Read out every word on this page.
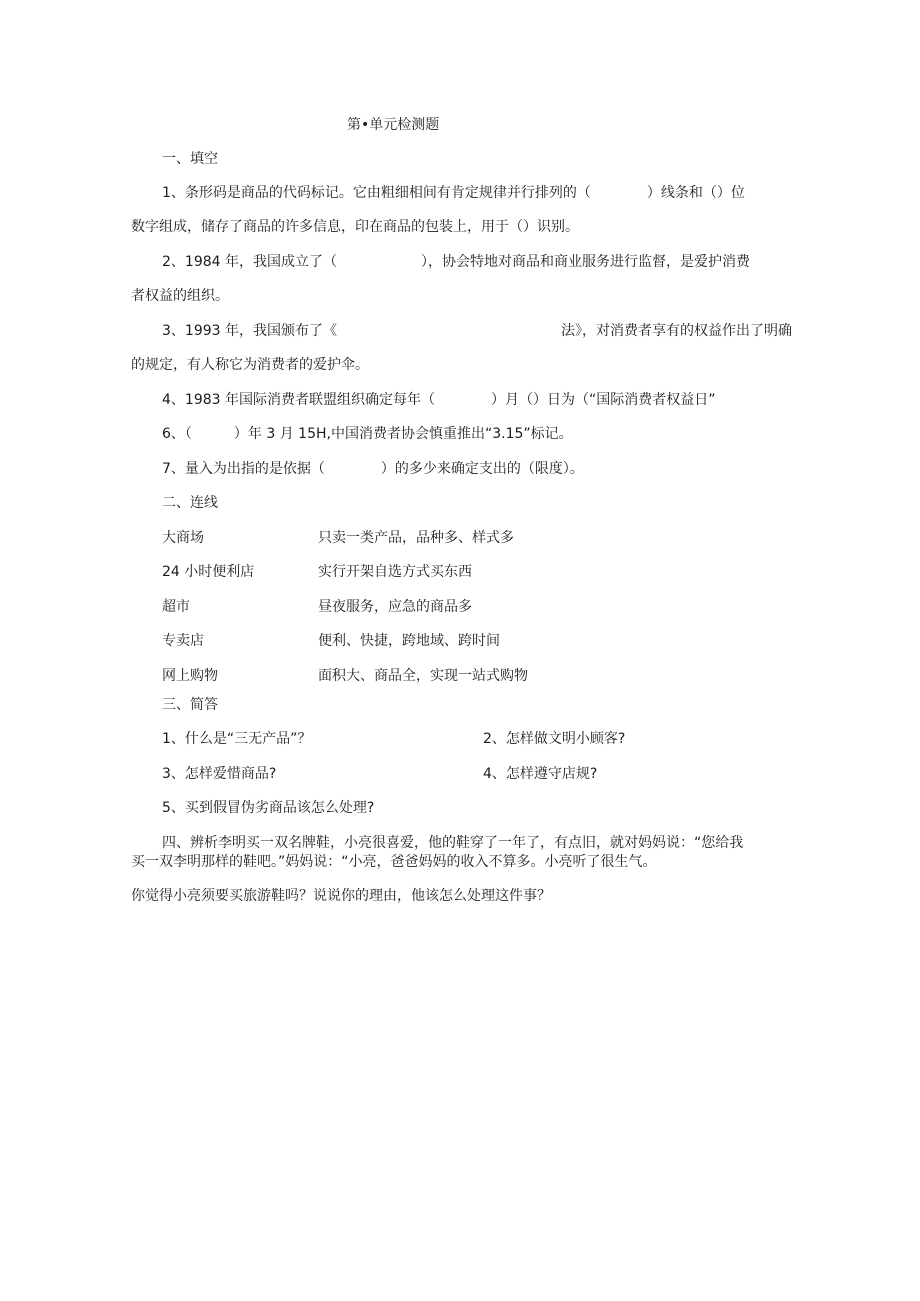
第•单元检测题
一、填空
1、条形码是商品的代码标记。它由粗细相间有肯定规律并行排列的（　　　　）线条和（）位
数字组成，储存了商品的许多信息，印在商品的包装上，用于（）识别。
2、1984 年，我国成立了（　　　　　　），协会特地对商品和商业服务进行监督，是爱护消费
者权益的组织。
3、1993 年，我国颁布了《　　　　　　　　　　　　　　　　法》，对消费者享有的权益作出了明确
的规定，有人称它为消费者的爱护伞。
4、1983 年国际消费者联盟组织确定每年（　　　　）月（）日为（“国际消费者权益日”
6、（　　　）年 3 月 15H,中国消费者协会慎重推出“3.15”标记。
7、量入为出指的是依据（　　　　）的多少来确定支出的（限度）。
二、连线
大商场	只卖一类产品，品种多、样式多
24 小时便利店	实行开架自选方式买东西
超市	昼夜服务，应急的商品多
专卖店	便利、快捷，跨地域、跨时间
网上购物	面积大、商品全，实现一站式购物
三、简答
1、什么是“三无产品”？	2、怎样做文明小顾客?
3、怎样爱惜商品?	4、怎样遵守店规?
5、买到假冒伪劣商品该怎么处理?
四、辨析李明买一双名牌鞋，小亮很喜爱，他的鞋穿了一年了，有点旧，就对妈妈说：“您给我
买一双李明那样的鞋吧。”妈妈说：“小亮，爸爸妈妈的收入不算多。小亮听了很生气。
你觉得小亮须要买旅游鞋吗？说说你的理由，他该怎么处理这件事？
